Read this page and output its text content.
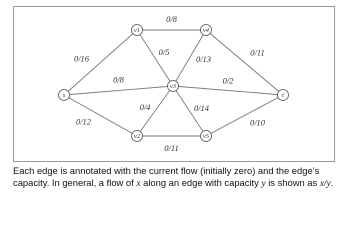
0/16
0/8
0/12
0/8
0/5
0/13
0/11
0/2
0/4	0/14
0/11
0/10
s
v1
v2
v3
v4
v5
t
Each edge is annotated with the current flow (initially zero) and the edge’s capacity. In general, a flow of x along an edge with capacity y is shown as x/y.
